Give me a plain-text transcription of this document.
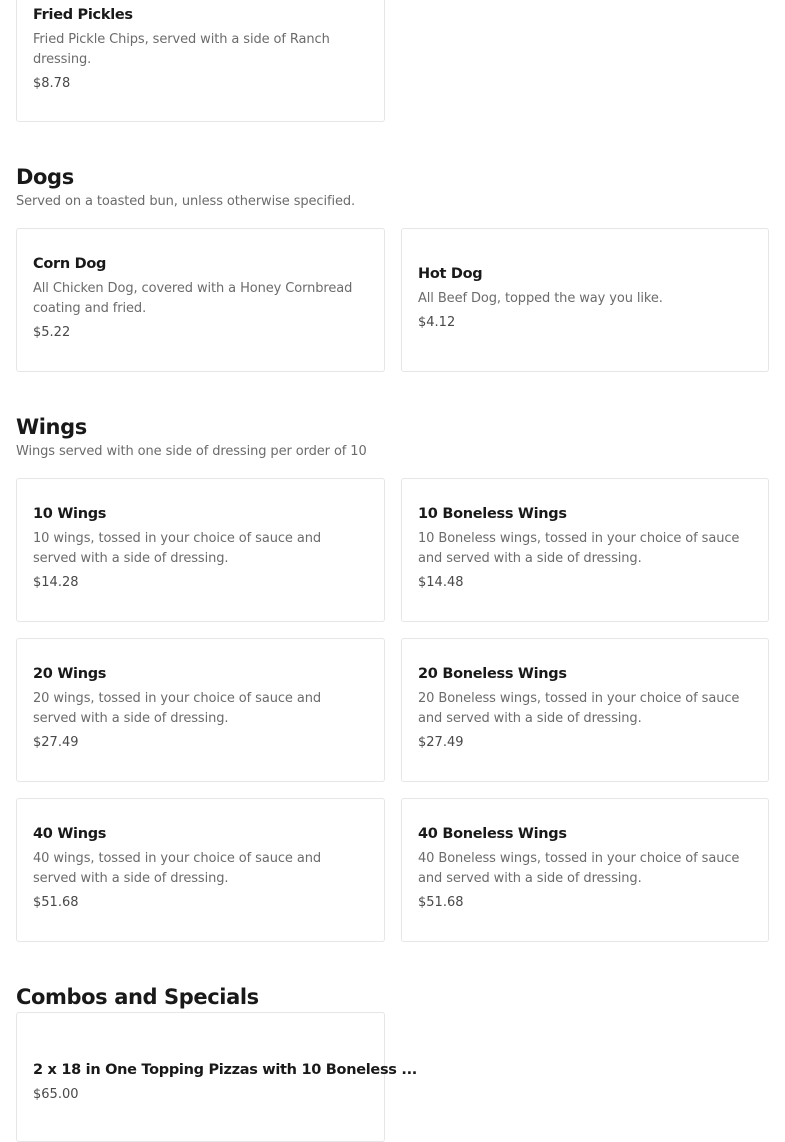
Fried Pickles
Fried Pickle Chips, served with a side of Ranch dressing.
$8.78
Dogs
Served on a toasted bun, unless otherwise specified.
Corn Dog
All Chicken Dog, covered with a Honey Cornbread coating and fried.
$5.22
Hot Dog
All Beef Dog, topped the way you like.
$4.12
Wings
Wings served with one side of dressing per order of 10
10 Wings
10 wings, tossed in your choice of sauce and served with a side of dressing.
$14.28
10 Boneless Wings
10 Boneless wings, tossed in your choice of sauce and served with a side of dressing.
$14.48
20 Wings
20 wings, tossed in your choice of sauce and served with a side of dressing.
$27.49
20 Boneless Wings
20 Boneless wings, tossed in your choice of sauce and served with a side of dressing.
$27.49
40 Wings
40 wings, tossed in your choice of sauce and served with a side of dressing.
$51.68
40 Boneless Wings
40 Boneless wings, tossed in your choice of sauce and served with a side of dressing.
$51.68
Combos and Specials
2 x 18 in One Topping Pizzas with 10 Boneless ...
$65.00
